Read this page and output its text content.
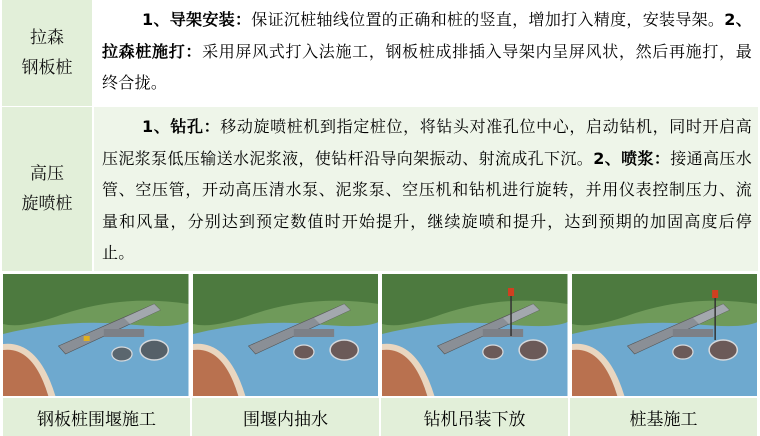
拉森
钢板桩
1、导架安装：保证沉桩轴线位置的正确和桩的竖直，增加打入精度，安装导架。2、拉森桩施打：采用屏风式打入法施工，钢板桩成排插入导架内呈屏风状，然后再施打，最终合拢。
高压
旋喷桩
1、钻孔：移动旋喷桩机到指定桩位，将钻头对准孔位中心，启动钻机，同时开启高压泥浆泵低压输送水泥浆液，使钻杆沿导向架振动、射流成孔下沉。2、喷浆：接通高压水管、空压管，开动高压清水泵、泥浆泵、空压机和钻机进行旋转，并用仪表控制压力、流量和风量，分别达到预定数值时开始提升，继续旋喷和提升，达到预期的加固高度后停止。
钢板桩围堰施工	围堰内抽水	钻机吊装下放	桩基施工
